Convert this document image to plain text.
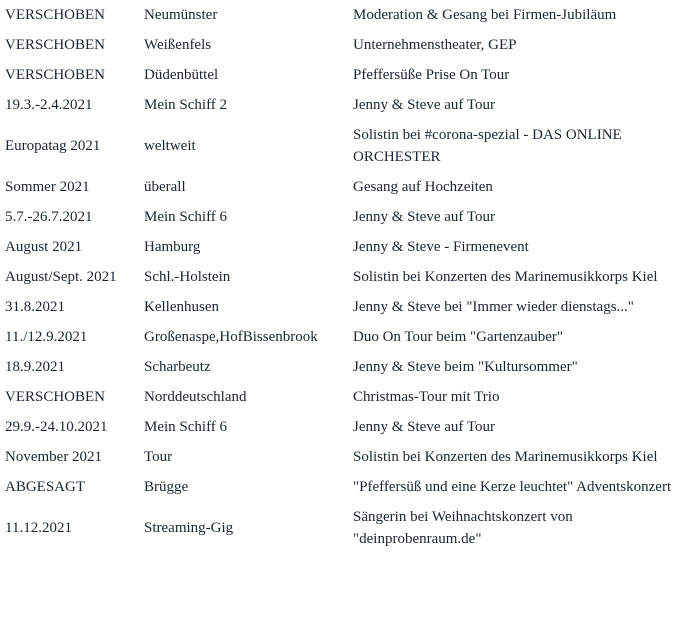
VERSCHOBEN	Neumünster	Moderation & Gesang bei Firmen-Jubiläum
VERSCHOBEN	Weißenfels	Unternehmenstheater, GEP
VERSCHOBEN	Düdenbüttel	Pfeffersüße Prise On Tour
19.3.-2.4.2021	Mein Schiff 2	Jenny & Steve auf Tour
Europatag 2021	weltweit	Solistin bei #corona-spezial - DAS ONLINE ORCHESTER
Sommer 2021	überall	Gesang auf Hochzeiten
5.7.-26.7.2021	Mein Schiff 6	Jenny & Steve auf Tour
August 2021	Hamburg	Jenny & Steve - Firmenevent
August/Sept. 2021	Schl.-Holstein	Solistin bei Konzerten des Marinemusikkorps Kiel
31.8.2021	Kellenhusen	Jenny & Steve bei "Immer wieder dienstags..."
11./12.9.2021	Großenaspe,HofBissenbrook	Duo On Tour beim "Gartenzauber"
18.9.2021	Scharbeutz	Jenny & Steve beim "Kultursommer"
VERSCHOBEN	Norddeutschland	Christmas-Tour mit Trio
29.9.-24.10.2021	Mein Schiff 6	Jenny & Steve auf Tour
November 2021	Tour	Solistin bei Konzerten des Marinemusikkorps Kiel
ABGESAGT	Brügge	"Pfeffersüß und eine Kerze leuchtet" Adventskonzert
11.12.2021	Streaming-Gig	Sängerin bei Weihnachtskonzert von "deinprobenraum.de"
